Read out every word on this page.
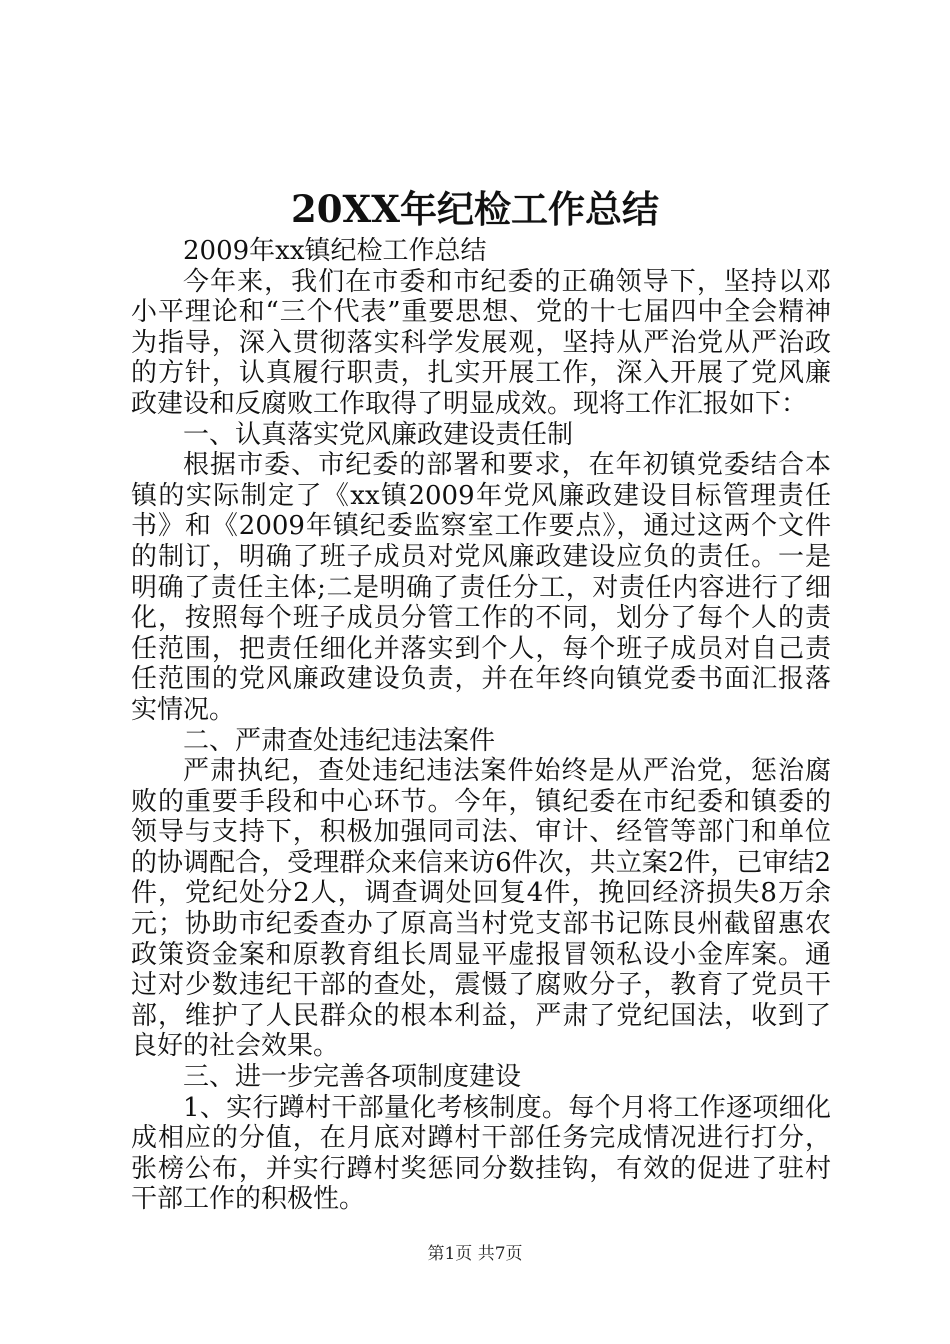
20XX年纪检工作总结

2009年xx镇纪检工作总结

今年来，我们在市委和市纪委的正确领导下，坚持以邓小平理论和“三个代表”重要思想、党的十七届四中全会精神为指导，深入贯彻落实科学发展观，坚持从严治党从严治政的方针，认真履行职责，扎实开展工作，深入开展了党风廉政建设和反腐败工作取得了明显成效。现将工作汇报如下：

一、认真落实党风廉政建设责任制

根据市委、市纪委的部署和要求，在年初镇党委结合本镇的实际制定了《xx镇2009年党风廉政建设目标管理责任书》和《2009年镇纪委监察室工作要点》，通过这两个文件的制订，明确了班子成员对党风廉政建设应负的责任。一是明确了责任主体;二是明确了责任分工，对责任内容进行了细化，按照每个班子成员分管工作的不同，划分了每个人的责任范围，把责任细化并落实到个人，每个班子成员对自己责任范围的党风廉政建设负责，并在年终向镇党委书面汇报落实情况。

二、严肃查处违纪违法案件

严肃执纪，查处违纪违法案件始终是从严治党，惩治腐败的重要手段和中心环节。今年，镇纪委在市纪委和镇委的领导与支持下，积极加强同司法、审计、经管等部门和单位的协调配合，受理群众来信来访6件次，共立案2件，已审结2件，党纪处分2人，调查调处回复4件，挽回经济损失8万余元；协助市纪委查办了原高当村党支部书记陈艮州截留惠农政策资金案和原教育组长周显平虚报冒领私设小金库案。通过对少数违纪干部的查处，震慑了腐败分子，教育了党员干部，维护了人民群众的根本利益，严肃了党纪国法，收到了良好的社会效果。

三、进一步完善各项制度建设

1、实行蹲村干部量化考核制度。每个月将工作逐项细化成相应的分值，在月底对蹲村干部任务完成情况进行打分，张榜公布，并实行蹲村奖惩同分数挂钩，有效的促进了驻村干部工作的积极性。

第1页 共7页
